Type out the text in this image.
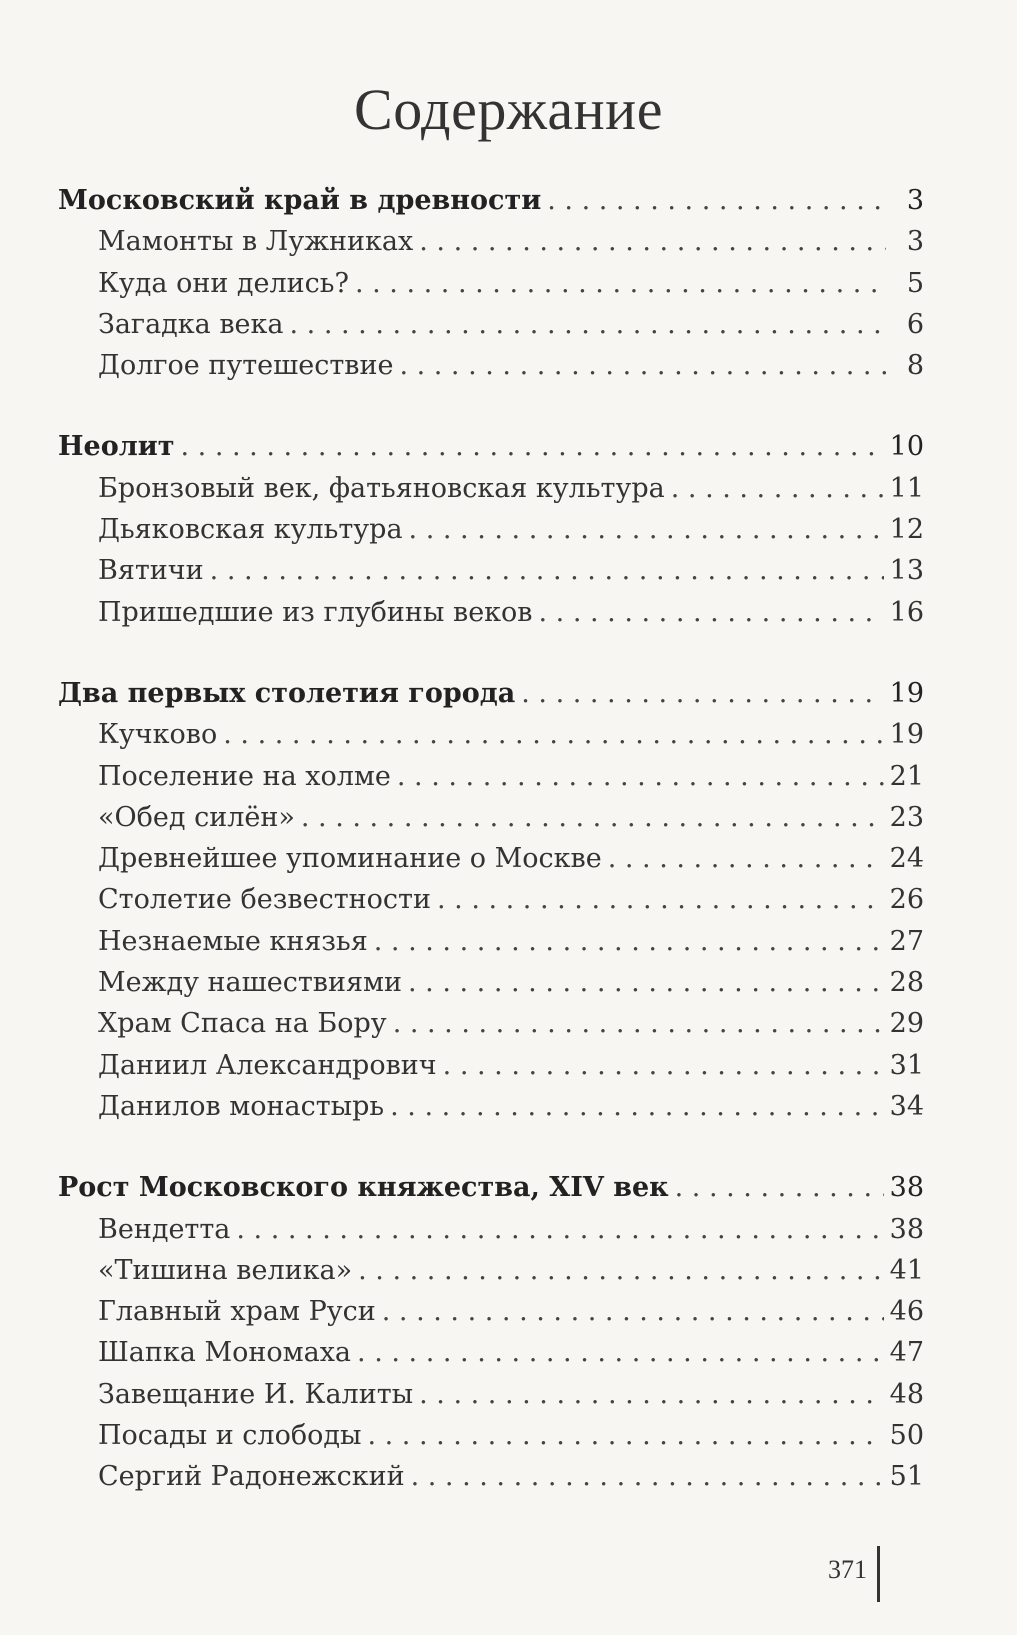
Содержание
Московский край в древности . . .	3
Мамонты в Лужниках . . .	3
Куда они делись? . . .	5
Загадка века . . .	6
Долгое путешествие . . .	8
Неолит . . .	10
Бронзовый век, фатьяновская культура . . .	11
Дьяковская культура . . .	12
Вятичи . . .	13
Пришедшие из глубины веков . . .	16
Два первых столетия города . . .	19
Кучково . . .	19
Поселение на холме . . .	21
«Обед силён» . . .	23
Древнейшее упоминание о Москве . . .	24
Столетие безвестности . . .	26
Незнаемые князья . . .	27
Между нашествиями . . .	28
Храм Спаса на Бору . . .	29
Даниил Александрович . . .	31
Данилов монастырь . . .	34
Рост Московского княжества, XIV век . . .	38
Вендетта . . .	38
«Тишина велика» . . .	41
Главный храм Руси . . .	46
Шапка Мономаха . . .	47
Завещание И. Калиты . . .	48
Посады и слободы . . .	50
Сергий Радонежский . . .	51
371
